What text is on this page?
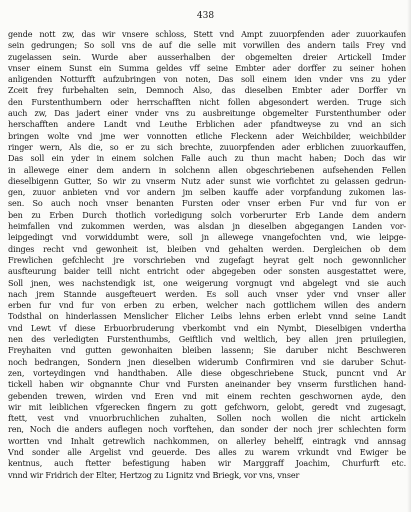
438
gende nott zw, das wir vnsere schloss, Stett vnd Ampt zuuorpfenden ader zuuorkaufen
sein gedrungen; So soll vns de auf die selle mit vorwillen des andern tails Frey vnd
zugelassen sein. Wurde aber ausserhalben der obgemelten dreier Artickell Imder
vnser einem Sunst ein Summa geldes vff seine Embter ader dorffer zu seiner hohen
anligenden Notturfft aufzubringen von noten, Das soll einem iden vnder vns zu yder
Zceit frey furbehalten sein, Demnoch Also, das dieselben Embter ader Dorffer vn
den Furstenthumbern oder herrschafften nicht follen abgesondert werden. Truge sich
auch zw, Das jadert einer vnder vns zu ausbreitunge obgemelter Furstenthumber oder
herschafften andere Landt vnd Leuthe Erblichen ader pfandtweyse zu vnd an sich
bringen wolte vnd jme wer vonnotten etliche Fleckenn ader Weichbilder, weichbilder
ringer wern, Als die, so er zu sich brechte, zuuorpfenden ader erblichen zuuorkauffen,
Das soll ein yder in einem solchen Falle auch zu thun macht haben; Doch das wir
in allewege einer dem andern in solchenn allen obgeschriebenen aufsehenden Fellen
dieselbigenn Gutter, So wir zu vnserm Nutz ader sunst wie vorfichtet zu gelassen gedrun-
gen, zuuor anbieten vnd vor andern jm selben kauffe ader vorpfandung zukomen las-
sen. So auch noch vnser benanten Fursten oder vnser erben Fur vnd fur von er
ben zu Erben Durch thotlich vorledigung solch vorberurter Erb Lande dem andern
heimfallen vnd zukommen werden, was alsdan jn dieselben abgegangen Landen vor-
leipgedingt vnd vorwiddumbt were, soll jn allewege vnangefochten vnd, wie leipge-
dinges recht vnd gewonheit ist, bleiben vnd gehalten werden. Dergleichen ob dem
Frewlichen gefchlecht jre vorschrieben vnd zugefagt heyrat gelt noch gewonnlicher
ausfteurung baider teill nicht entricht oder abgegeben oder sonsten ausgestattet were,
Soll jnen, wes nachstendigk ist, one weigerung vorgnugt vnd abgelegt vnd sie auch
nach jrem Stannde ausgefteuert werden. Es soll auch vnser yder vnd vnser aller
erben fur vnd fur von erben zu erben, welcher nach gottlichem willen des andern
Todsthal on hinderlassen Menslicher Elicher Leibs lehns erben erlebt vnnd seine Landt
vnd Lewt vf diese Erbuorbruderung vberkombt vnd ein Nymbt, Dieselbigen vndertha
nen des verledigten Furstenthumbs, Geiftlich vnd weltlich, bey allen jren priuilegien,
Freyhaiten vnd gutten gewonhaiten bleiben lassenn; Sie daruber nicht Beschweren
noch bedrangen, Sondern jnen dieselben widerumb Confirmiren vnd sie daruber Schut-
zen, vorteydingen vnd handthaben. Alle diese obgeschriebene Stuck, puncnt vnd Ar
tickell haben wir obgnannte Chur vnd Fursten aneinander bey vnserm furstlichen hand-
gebenden trewen, wirden vnd Eren vnd mit einem rechten geschwornen ayde, den
wir mit leiblichen vfgerecken fingern zu gott gefchworn, gelobt, geredt vnd zugesagt,
ftett, vest vnd vnuorbruchlichen zuhalten, Sollen noch wollen die nicht artickeln
ren, Noch die anders auflegen noch vorftehen, dan sonder der noch jrer schlechten form
wortten vnd Inhalt getrewlich nachkommen, on allerley behelff, eintragk vnd annsag
Vnd sonder alle Argelist vnd geuerde. Des alles zu warem vrkundt vnd Ewiger be
kentnus, auch ftetter befestigung haben wir Marggraff Joachim, Churfurft etc.
vnnd wir Fridrich der Elter, Hertzog zu Lignitz vnd Briegk, vor vns, vnser
